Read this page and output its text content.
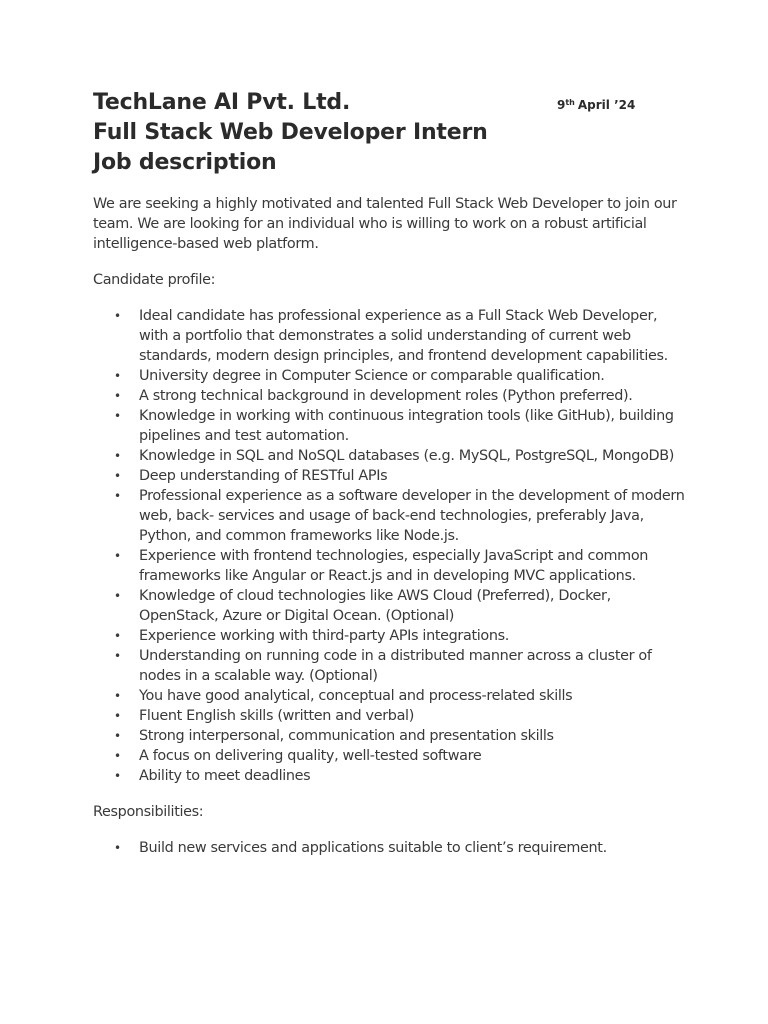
TechLane AI Pvt. Ltd.
Full Stack Web Developer Intern
Job description
9th April ’24

We are seeking a highly motivated and talented Full Stack Web Developer to join our team. We are looking for an individual who is willing to work on a robust artificial intelligence-based web platform.

Candidate profile:

• Ideal candidate has professional experience as a Full Stack Web Developer, with a portfolio that demonstrates a solid understanding of current web standards, modern design principles, and frontend development capabilities.
• University degree in Computer Science or comparable qualification.
• A strong technical background in development roles (Python preferred).
• Knowledge in working with continuous integration tools (like GitHub), building pipelines and test automation.
• Knowledge in SQL and NoSQL databases (e.g. MySQL, PostgreSQL, MongoDB)
• Deep understanding of RESTful APIs
• Professional experience as a software developer in the development of modern web, back- services and usage of back-end technologies, preferably Java, Python, and common frameworks like Node.js.
• Experience with frontend technologies, especially JavaScript and common frameworks like Angular or React.js and in developing MVC applications.
• Knowledge of cloud technologies like AWS Cloud (Preferred), Docker, OpenStack, Azure or Digital Ocean. (Optional)
• Experience working with third-party APIs integrations.
• Understanding on running code in a distributed manner across a cluster of nodes in a scalable way. (Optional)
• You have good analytical, conceptual and process-related skills
• Fluent English skills (written and verbal)
• Strong interpersonal, communication and presentation skills
• A focus on delivering quality, well-tested software
• Ability to meet deadlines

Responsibilities:

• Build new services and applications suitable to client’s requirement.
